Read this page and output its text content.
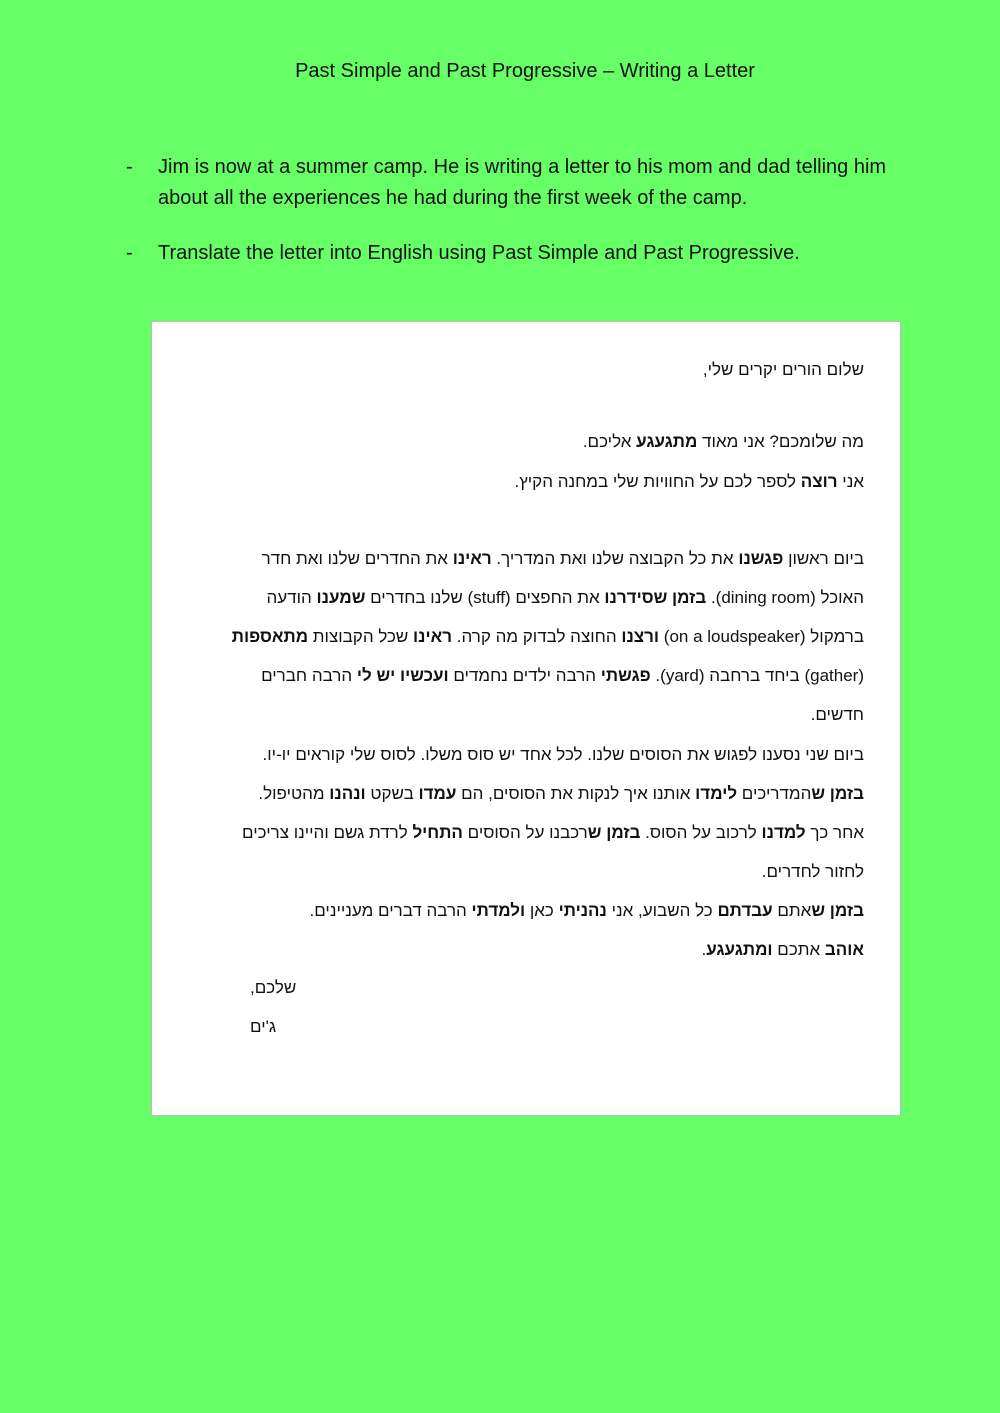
Past Simple and Past Progressive – Writing a Letter
- Jim is now at a summer camp. He is writing a letter to his mom and dad telling him about all the experiences he had during the first week of the camp.
- Translate the letter into English using Past Simple and Past Progressive.
שלום הורים יקרים שלי,
מה שלומכם? אני מאוד מתגעגע אליכם.
אני רוצה לספר לכם על החוויות שלי במחנה הקיץ.
ביום ראשון פגשנו את כל הקבוצה שלנו ואת המדריך. ראינו את החדרים שלנו ואת חדר
האוכל (dining room). בזמן שסידרנו את החפצים (stuff) שלנו בחדרים שמענו הודעה
ברמקול (on a loudspeaker) ורצנו החוצה לבדוק מה קרה. ראינו שכל הקבוצות מתאספות
(gather) ביחד ברחבה (yard). פגשתי הרבה ילדים נחמדים ועכשיו יש לי הרבה חברים
חדשים.
ביום שני נסענו לפגוש את הסוסים שלנו. לכל אחד יש סוס משלו. לסוס שלי קוראים יו-יו.
בזמן שהמדריכים לימדו אותנו איך לנקות את הסוסים, הם עמדו בשקט ונהנו מהטיפול.
אחר כך למדנו לרכוב על הסוס. בזמן שרכבנו על הסוסים התחיל לרדת גשם והיינו צריכים
לחזור לחדרים.
בזמן שאתם עבדתם כל השבוע, אני נהניתי כאן ולמדתי הרבה דברים מעניינים.
אוהב אתכם ומתגעגע.
שלכם,
ג'ים
